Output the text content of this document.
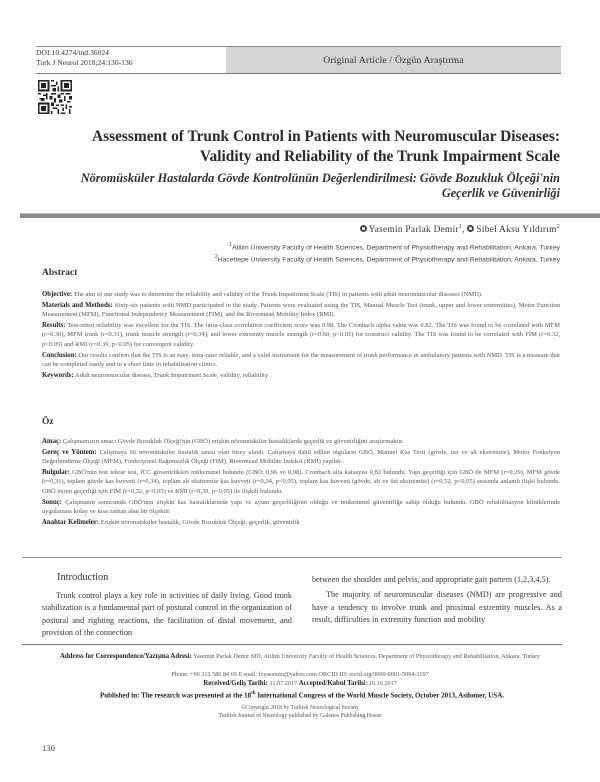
DOI:10.4274/tnd.36024
Turk J Neurol 2018;24:130-136	Original Article / Özgün Araştırma
Assessment of Trunk Control in Patients with Neuromuscular Diseases: Validity and Reliability of the Trunk Impairment Scale
Nöromüsküler Hastalarda Gövde Kontrolünün Değerlendirilmesi: Gövde Bozukluk Ölçeği'nin Geçerlik ve Güvenirliği
Yasemin Parlak Demir$^1$, Sibel Aksu Yıldırım$^2$
$^1$Atilim University Faculty of Health Sciences, Department of Physiotherapy and Rehabilitation, Ankara, Turkey
$^2$Hacettepe University Faculty of Health Sciences, Department of Physiotherapy and Rehabilitation, Ankara, Turkey
Abstract

Objective: The aim of our study was to determine the reliability and validity of the Trunk Impairment Scale (TIS) in patients with adult neuromuscular diseases (NMD).

Materials and Methods: Sixty-six patients with NMD participated in the study. Patients were evaluated using the TIS, Manual Muscle Test (trunk, upper and lower extremities), Motor Function Measurement (MFM), Functional Independency Measurement (FIM), and the Rivermead Mobility Index (RMI).

Results: Test-retest reliability was excellent for the TIS. The intra-class correlation coefficient score was 0.98. The Cronbach alpha value was 0.82. The TIS was found to be correlated with MFM (r=0.30), MFM trunk (r=0.31), trunk muscle strength (r=0.34), and lower extremity muscle strength (r=0.60, p<0.05) for construct validity. The TIS was found to be correlated with FIM (r=0.32, p<0.05) and RMI (r=0.39, p<0.05) for convergent validity.

Conclusion: Our results confirm that the TIS is an easy, intra-rater reliable, and a valid instrument for the measurement of trunk performance in ambulatory patients with NMD. TIS is a measure that can be completed easily and in a short time in rehabilitation clinics.

Keywords: Adult neuromuscular disease, Trunk Impairment Scale, validity, reliability

Öz

Amaç: Çalışmamızın amacı Gövde Bozukluk Ölçeği'nin (GBÖ) erişkin nöromüsküler hastalıklarda geçerlik ve güvenirliğini araştırmaktır.

Gereç ve Yöntem: Çalışmaya 66 nöromüsküler hastalık tanısı olan birey alındı. Çalışmaya dahil edilen olguların GBÖ, Manuel Kas Testi (gövde, üst ve alt ekstremite), Motor Fonksiyon Değerlendirme Ölçeği (MFM), Fonksiyonel Bağımsızlık Ölçeği (FIM), Rivermead Mobilite İndeksi (RMI) yapıldı.

Bulgular: GBÖ'nün test tekrar test, ICC güvenirlikleri mükemmel bulundu (GBÖ: 0,96 ve 0,98). Cronbach alfa katsayısı 0,82 bulundu. Yapı geçerliği için GBÖ ile MFM (r=0,29), MFM gövde (r=0,31), toplam gövde kas kuvveti (r=0,34), toplam alt ekstremite kas kuvveti (r=0,34, p<0,05), toplam kas kuvveti (gövde, alt ve üst ekstremite) (r=0,52, p<0,05) arasında anlamlı ilişki bulundu. GBÖ uyum geçerliği için FIM (r=0,32, p<0,05) ve RMI (r=0,39, p<0,05) ile ilişkili bulundu.

Sonuç: Çalışmanın sonucunda GBÖ'nün erişkin kas hastalıklarında yapı ve uyum geçerliliğinin olduğu ve mükemmel güvenirliğe sahip olduğu bulundu. GBÖ rehabilitasyon kliniklerinde uygulaması kolay ve kısa zaman alan bir ölçektir.

Anahtar Kelimeler: Erişkin nöromüsküler hastalık, Gövde Bozukluk Ölçeği, geçerlik, güvenirlik

Introduction

Trunk control plays a key role in activities of daily living. Good trunk stabilization is a fundamental part of postural control in the organization of postural and righting reactions, the facilitation of distal movement, and provision of the connection

between the shoulder and pelvis, and appropriate gait pattern (1,2,3,4,5).

The majority of neuromuscular diseases (NMD) are progressive and have a tendency to involve trunk and proximal extremity muscles. As a result, difficulties in extremity function and mobility

Address for Correspondence/Yazışma Adresi: Yasemin Parlak Demir MD, Atilim University Faculty of Health Sciences, Department of Physiotherapy and Rehabilitation, Ankara, Turkey
Phone: +90 312 586 84 69 E-mail: fzyasemin@yahoo.com ORCID ID: orcid.org/0000-0001-5064-1197
Received/Geliş Tarihi: 31.07.2017 Accepted/Kabul Tarihi: 20.10.2017
Published in: The research was presented at the 18th International Congress of the World Muscle Society, October 2013, Asilomer, USA.
©Copyright 2018 by Turkish Neurological Society
Turkish Journal of Neurology published by Galenos Publishing House
130
